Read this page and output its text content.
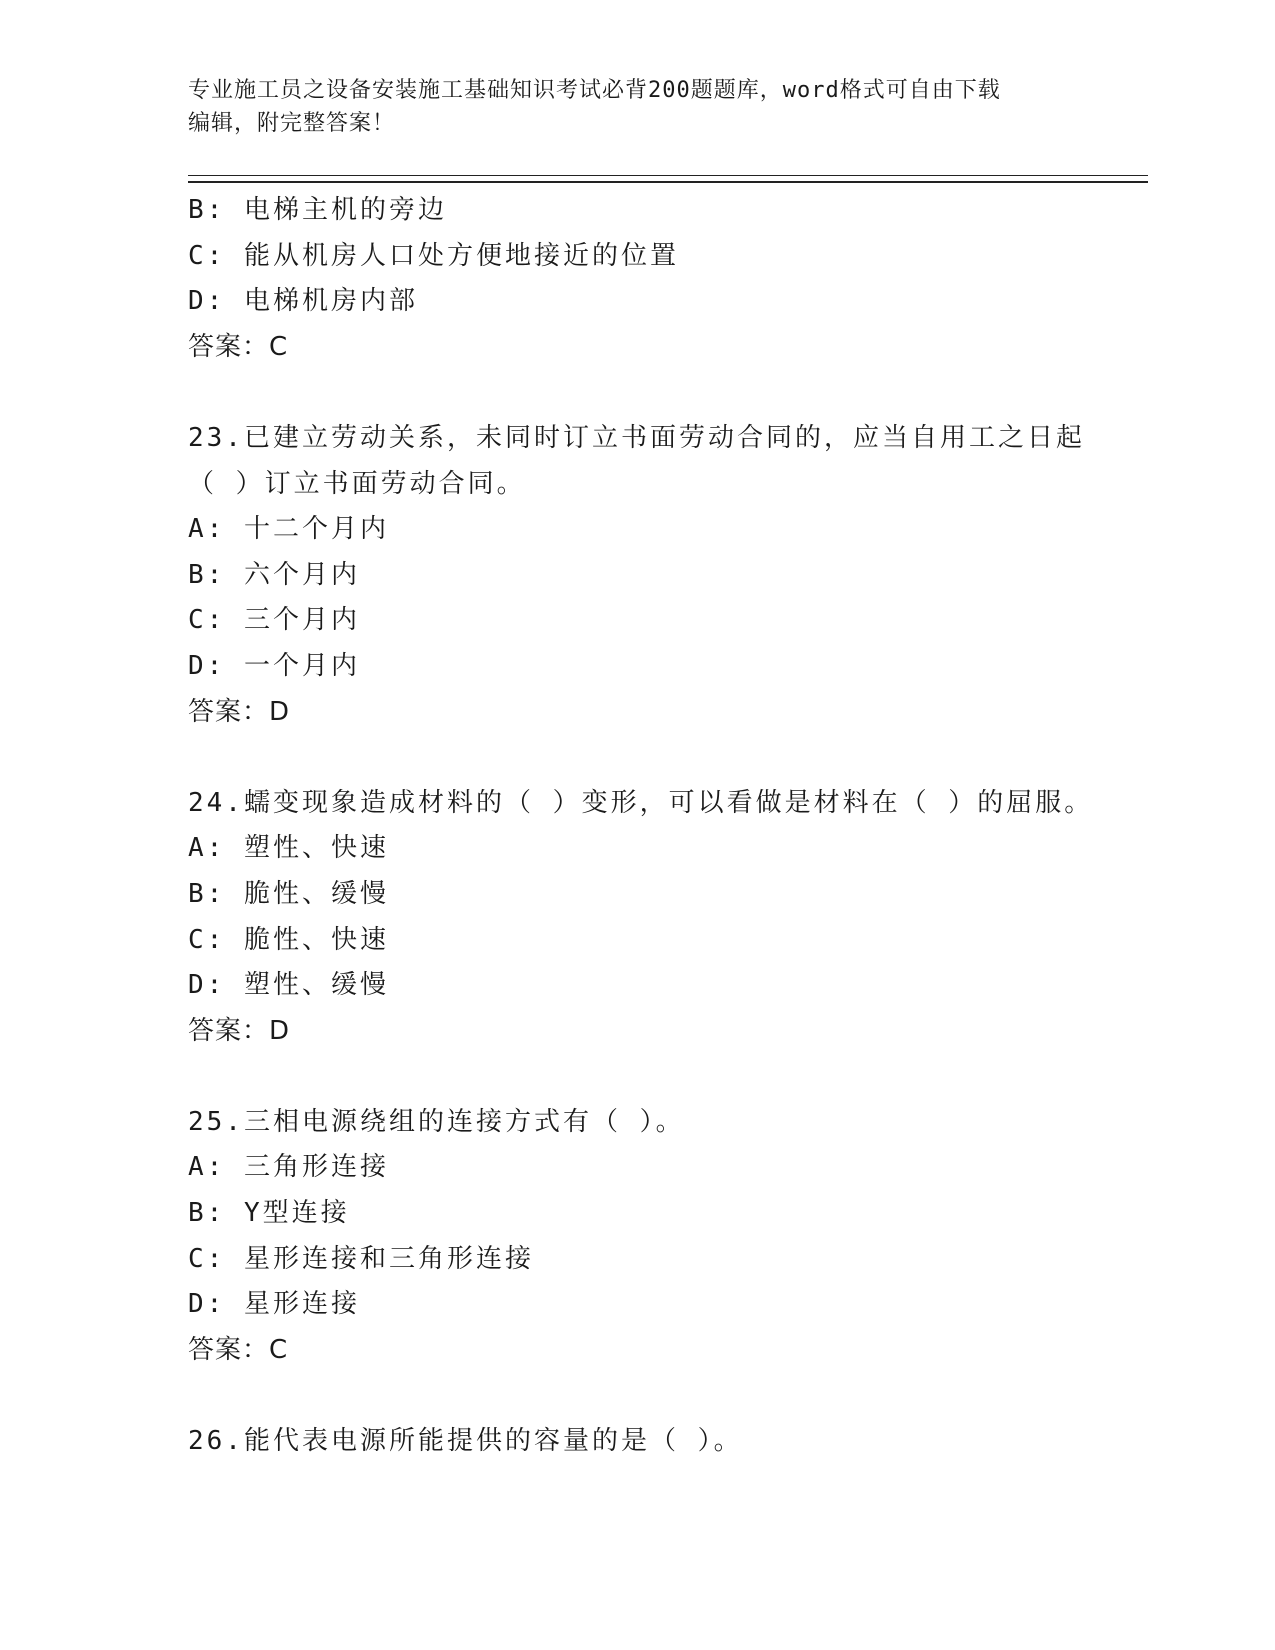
专业施工员之设备安装施工基础知识考试必背200题题库，word格式可自由下载
编辑，附完整答案！
B: 电梯主机的旁边
C: 能从机房人口处方便地接近的位置
D: 电梯机房内部
答案：C
23.已建立劳动关系，未同时订立书面劳动合同的，应当自用工之日起
（ ）订立书面劳动合同。
A: 十二个月内
B: 六个月内
C: 三个月内
D: 一个月内
答案：D
24.蠕变现象造成材料的（ ）变形，可以看做是材料在（ ）的屈服。
A: 塑性、快速
B: 脆性、缓慢
C: 脆性、快速
D: 塑性、缓慢
答案：D
25.三相电源绕组的连接方式有（ ）。
A: 三角形连接
B: Y型连接
C: 星形连接和三角形连接
D: 星形连接
答案：C
26.能代表电源所能提供的容量的是（ ）。
